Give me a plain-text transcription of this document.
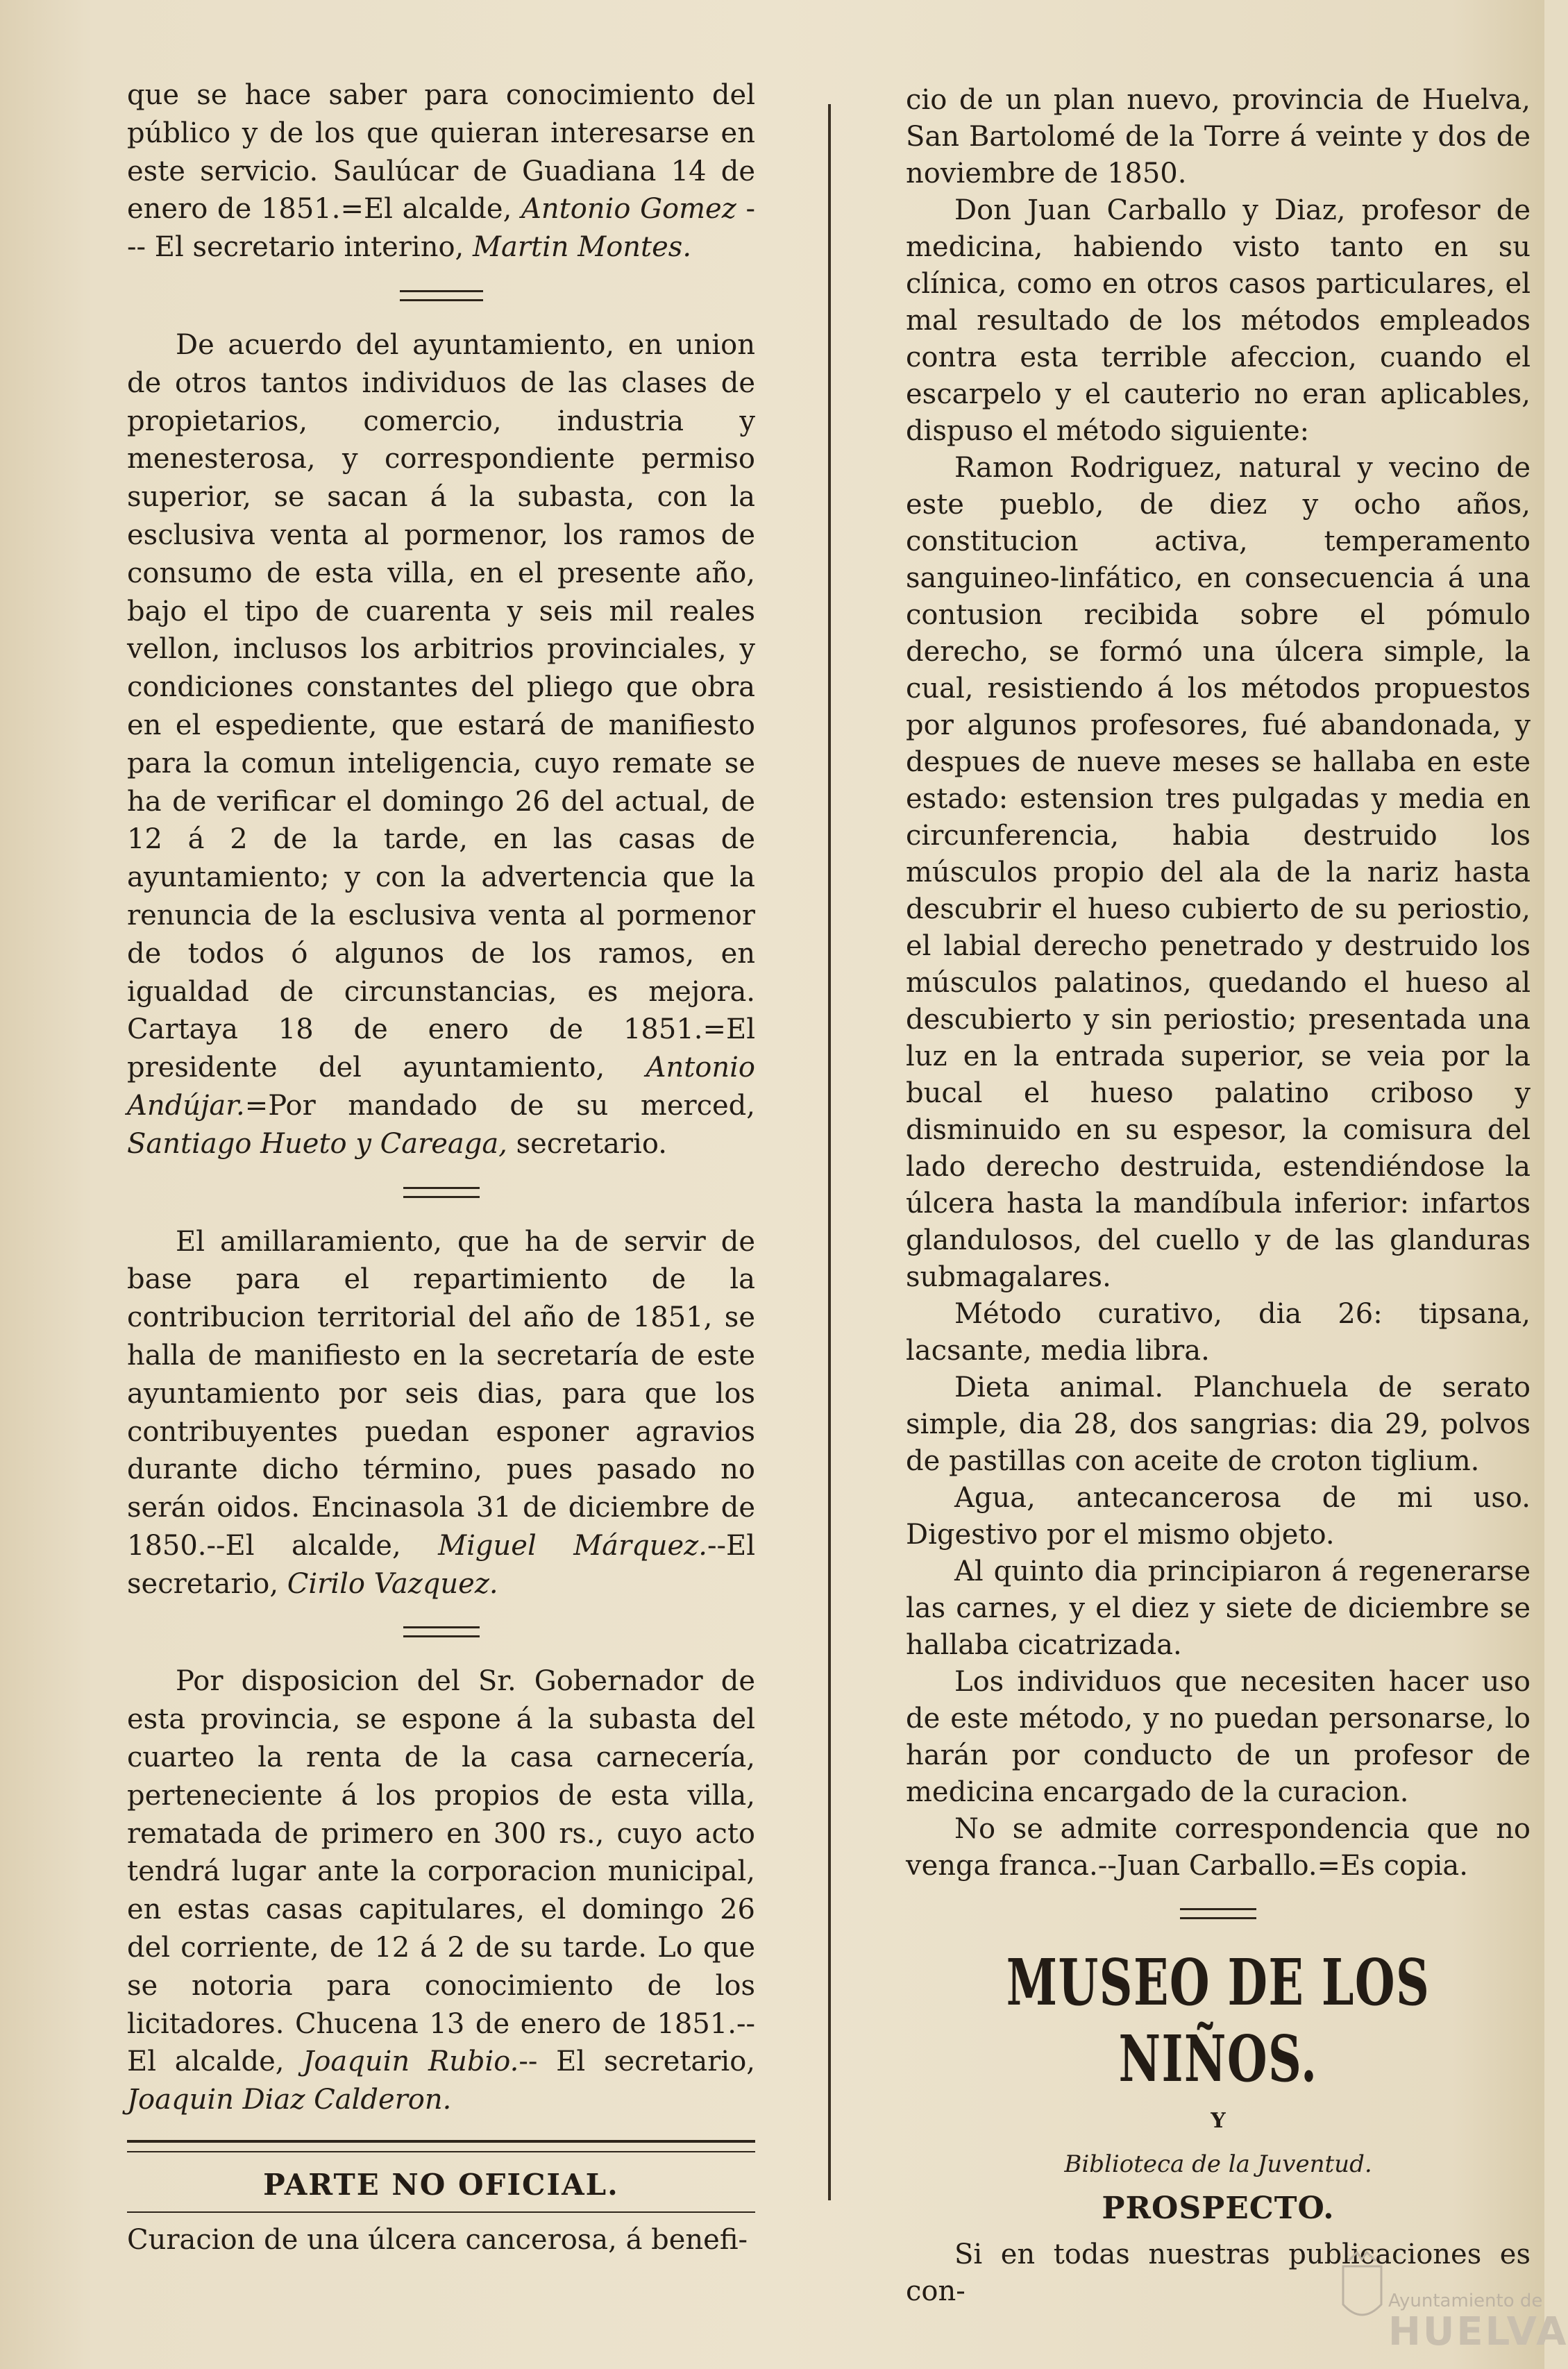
que se hace saber para conocimiento del público y de los que quieran interesarse en este servicio. Saulúcar de Guadiana 14 de enero de 1851.=El alcalde, Antonio Gomez --- El secretario interino, Martin Montes.

De acuerdo del ayuntamiento, en union de otros tantos individuos de las clases de propietarios, comercio, industria y menesterosa, y correspondiente permiso superior, se sacan á la subasta, con la esclusiva venta al pormenor, los ramos de consumo de esta villa, en el presente año, bajo el tipo de cuarenta y seis mil reales vellon, inclusos los arbitrios provinciales, y condiciones constantes del pliego que obra en el espediente, que estará de manifiesto para la comun inteligencia, cuyo remate se ha de verificar el domingo 26 del actual, de 12 á 2 de la tarde, en las casas de ayuntamiento; y con la advertencia que la renuncia de la esclusiva venta al pormenor de todos ó algunos de los ramos, en igualdad de circunstancias, es mejora. Cartaya 18 de enero de 1851.=El presidente del ayuntamiento, Antonio Andújar.=Por mandado de su merced, Santiago Hueto y Careaga, secretario.

El amillaramiento, que ha de servir de base para el repartimiento de la contribucion territorial del año de 1851, se halla de manifiesto en la secretaría de este ayuntamiento por seis dias, para que los contribuyentes puedan esponer agravios durante dicho término, pues pasado no serán oidos. Encinasola 31 de diciembre de 1850.--El alcalde, Miguel Márquez.--El secretario, Cirilo Vazquez.

Por disposicion del Sr. Gobernador de esta provincia, se espone á la subasta del cuarteo la renta de la casa carnecería, perteneciente á los propios de esta villa, rematada de primero en 300 rs., cuyo acto tendrá lugar ante la corporacion municipal, en estas casas capitulares, el domingo 26 del corriente, de 12 á 2 de su tarde. Lo que se notoria para conocimiento de los licitadores. Chucena 13 de enero de 1851.--El alcalde, Joaquin Rubio.-- El secretario, Joaquin Diaz Calderon.

PARTE NO OFICIAL.

Curacion de una úlcera cancerosa, á benefi-

cio de un plan nuevo, provincia de Huelva, San Bartolomé de la Torre á veinte y dos de noviembre de 1850.

Don Juan Carballo y Diaz, profesor de medicina, habiendo visto tanto en su clínica, como en otros casos particulares, el mal resultado de los métodos empleados contra esta terrible afeccion, cuando el escarpelo y el cauterio no eran aplicables, dispuso el método siguiente:

Ramon Rodriguez, natural y vecino de este pueblo, de diez y ocho años, constitucion activa, temperamento sanguineo-linfático, en consecuencia á una contusion recibida sobre el pómulo derecho, se formó una úlcera simple, la cual, resistiendo á los métodos propuestos por algunos profesores, fué abandonada, y despues de nueve meses se hallaba en este estado: estension tres pulgadas y media en circunferencia, habia destruido los músculos propio del ala de la nariz hasta descubrir el hueso cubierto de su periostio, el labial derecho penetrado y destruido los músculos palatinos, quedando el hueso al descubierto y sin periostio; presentada una luz en la entrada superior, se veia por la bucal el hueso palatino criboso y disminuido en su espesor, la comisura del lado derecho destruida, estendiéndose la úlcera hasta la mandíbula inferior: infartos glandulosos, del cuello y de las glanduras submagalares.

Método curativo, dia 26: tipsana, lacsante, media libra.

Dieta animal. Planchuela de serato simple, dia 28, dos sangrias: dia 29, polvos de pastillas con aceite de croton tiglium.

Agua, antecancerosa de mi uso. Digestivo por el mismo objeto.

Al quinto dia principiaron á regenerarse las carnes, y el diez y siete de diciembre se hallaba cicatrizada.

Los individuos que necesiten hacer uso de este método, y no puedan personarse, lo harán por conducto de un profesor de medicina encargado de la curacion.

No se admite correspondencia que no venga franca.--Juan Carballo.=Es copia.

MUSEO DE LOS NIÑOS.
Y
Biblioteca de la Juventud.
PROSPECTO.

Si en todas nuestras publicaciones es con-	Ayuntamiento de
HUELVA
